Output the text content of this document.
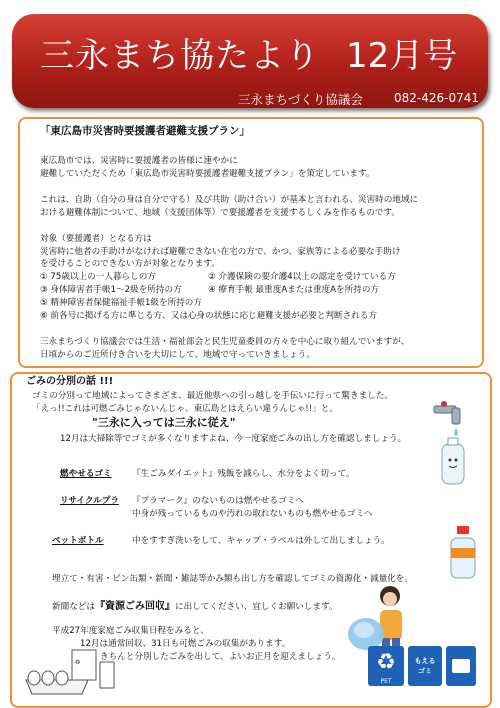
三永まち協たより 12月号
三永まちづくり協議会	082-426-0741
「東広島市災害時要援護者避難支援プラン」
東広島市では、災害時に要援護者の皆様に速やかに
避難していただくため「東広島市災害時要援護者避難支援プラン」を策定しています。
これは、自助（自分の身は自分で守る）及び共助（助け合い）が基本と言われる、災害時の地域に
おける避難体制について、地域（支援団体等）で要援護者を支援するしくみを作るものです。
対象（要援護者）となる方は
災害時に他者の手助けがなければ避難できない在宅の方で、かつ、家族等による必要な手助け
を受けることのできない方が対象となります。
① 75歳以上の一人暮らしの方	② 介護保険の要介護4以上の認定を受けている方
③ 身体障害者手帳1～2級を所持の方	④ 療育手帳 最重度Aまたは重度Aを所持の方
⑤ 精神障害者保健福祉手帳1級を所持の方
⑥ 前各号に掲げる方に準じる方、又は心身の状態に応じ避難支援が必要と判断される方
三永まちづくり協議会では生活・福祉部会と民生児童委員の方々を中心に取り組んでいますが、
日頃からのご近所付き合いを大切にして、地域で守っていきましょう。
ごみの分別の話 !!!
ゴミの分別って地域によってさまざま、最近他県への引っ越しを手伝いに行って驚きました。
「えっ!!これは可燃ごみじゃないんじゃ、東広島とはえらい違うんじゃ!!」と。
"三永に入っては三永に従え"
12月は大掃除等でゴミが多くなりますよね、今一度家庭ごみの出し方を確認しましょう。
燃やせるゴミ 『生ごみダイエット』残飯を減らし、水分をよく切って。
リサイクルプラ 『プラマーク』のないものは燃やせるゴミへ
中身が残っているものや汚れの取れないものも燃やせるゴミへ
ペットボトル	中をすすぎ洗いをして、キャップ・ラベルは外して出しましょう。
埋立て・有害・ビン缶類・新聞・雑誌等かみ類も出し方を確認してゴミの資源化・減量化を。
新聞などは『資源ごみ回収』に出してください、宜しくお願いします。
平成27年度家庭ごみ収集日程をみると、
12月は通常回収、31日も可燃ごみの収集があります。
きちんと分別したごみを出して、よいお正月を迎えましょう。	♻
PET
もえる
ゴミ
♻
